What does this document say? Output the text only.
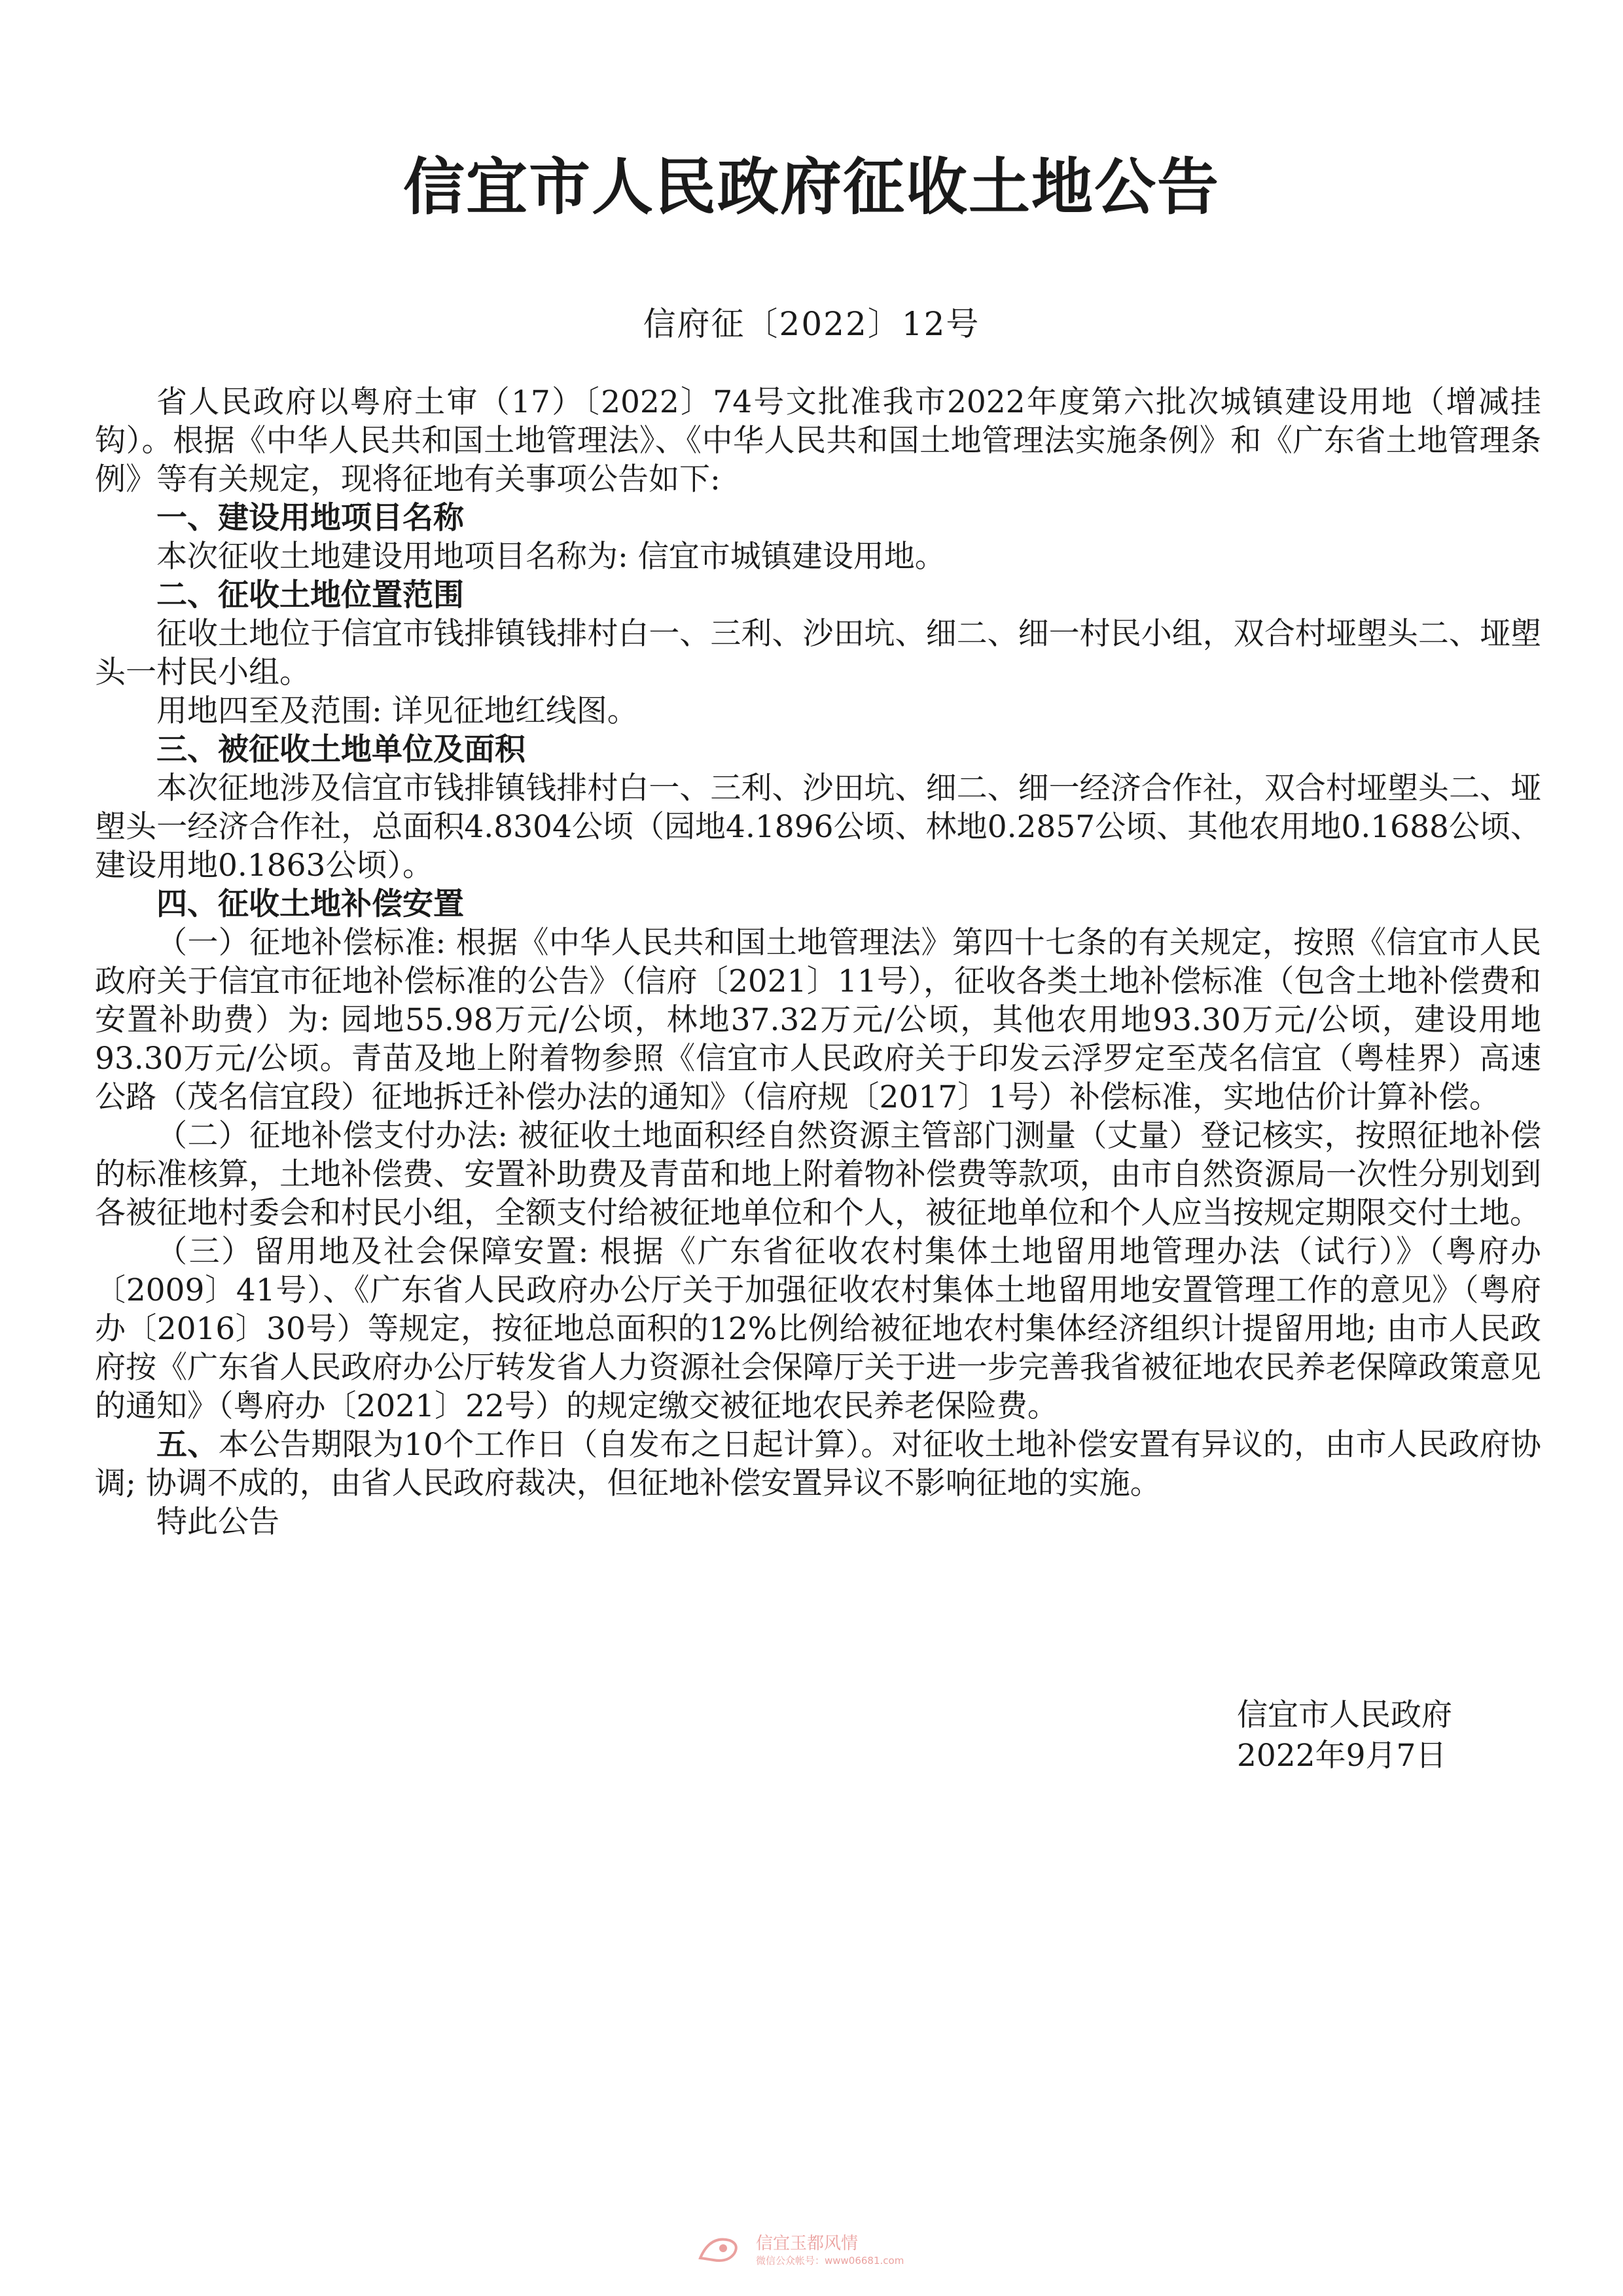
信宜市人民政府征收土地公告
信府征〔2022〕12号

省人民政府以粤府土审（17）〔2022〕74号文批准我市2022年度第六批次城镇建设用地（增减挂钩）。根据《中华人民共和国土地管理法》、《中华人民共和国土地管理法实施条例》和《广东省土地管理条例》等有关规定，现将征地有关事项公告如下:

一、建设用地项目名称

本次征收土地建设用地项目名称为: 信宜市城镇建设用地。

二、征收土地位置范围

征收土地位于信宜市钱排镇钱排村白一、三利、沙田坑、细二、细一村民小组，双合村垭塱头二、垭塱头一村民小组。

用地四至及范围: 详见征地红线图。

三、被征收土地单位及面积

本次征地涉及信宜市钱排镇钱排村白一、三利、沙田坑、细二、细一经济合作社，双合村垭塱头二、垭塱头一经济合作社，总面积4.8304公顷（园地4.1896公顷、林地0.2857公顷、其他农用地0.1688公顷、建设用地0.1863公顷）。

四、征收土地补偿安置

（一）征地补偿标准: 根据《中华人民共和国土地管理法》第四十七条的有关规定，按照《信宜市人民政府关于信宜市征地补偿标准的公告》（信府〔2021〕11号），征收各类土地补偿标准（包含土地补偿费和安置补助费）为: 园地55.98万元/公顷，林地37.32万元/公顷，其他农用地93.30万元/公顷，建设用地93.30万元/公顷。青苗及地上附着物参照《信宜市人民政府关于印发云浮罗定至茂名信宜（粤桂界）高速公路（茂名信宜段）征地拆迁补偿办法的通知》（信府规〔2017〕1号）补偿标准，实地估价计算补偿。

（二）征地补偿支付办法: 被征收土地面积经自然资源主管部门测量（丈量）登记核实，按照征地补偿的标准核算，土地补偿费、安置补助费及青苗和地上附着物补偿费等款项，由市自然资源局一次性分别划到各被征地村委会和村民小组，全额支付给被征地单位和个人，被征地单位和个人应当按规定期限交付土地。

（三）留用地及社会保障安置: 根据《广东省征收农村集体土地留用地管理办法（试行）》（粤府办〔2009〕41号）、《广东省人民政府办公厅关于加强征收农村集体土地留用地安置管理工作的意见》（粤府办〔2016〕30号）等规定，按征地总面积的12%比例给被征地农村集体经济组织计提留用地; 由市人民政府按《广东省人民政府办公厅转发省人力资源社会保障厅关于进一步完善我省被征地农民养老保障政策意见的通知》（粤府办〔2021〕22号）的规定缴交被征地农民养老保险费。

五、本公告期限为10个工作日（自发布之日起计算）。对征收土地补偿安置有异议的，由市人民政府协调; 协调不成的，由省人民政府裁决，但征地补偿安置异议不影响征地的实施。

特此公告

信宜市人民政府
2022年9月7日
信宜玉都风情
微信公众帐号：www06681.com
